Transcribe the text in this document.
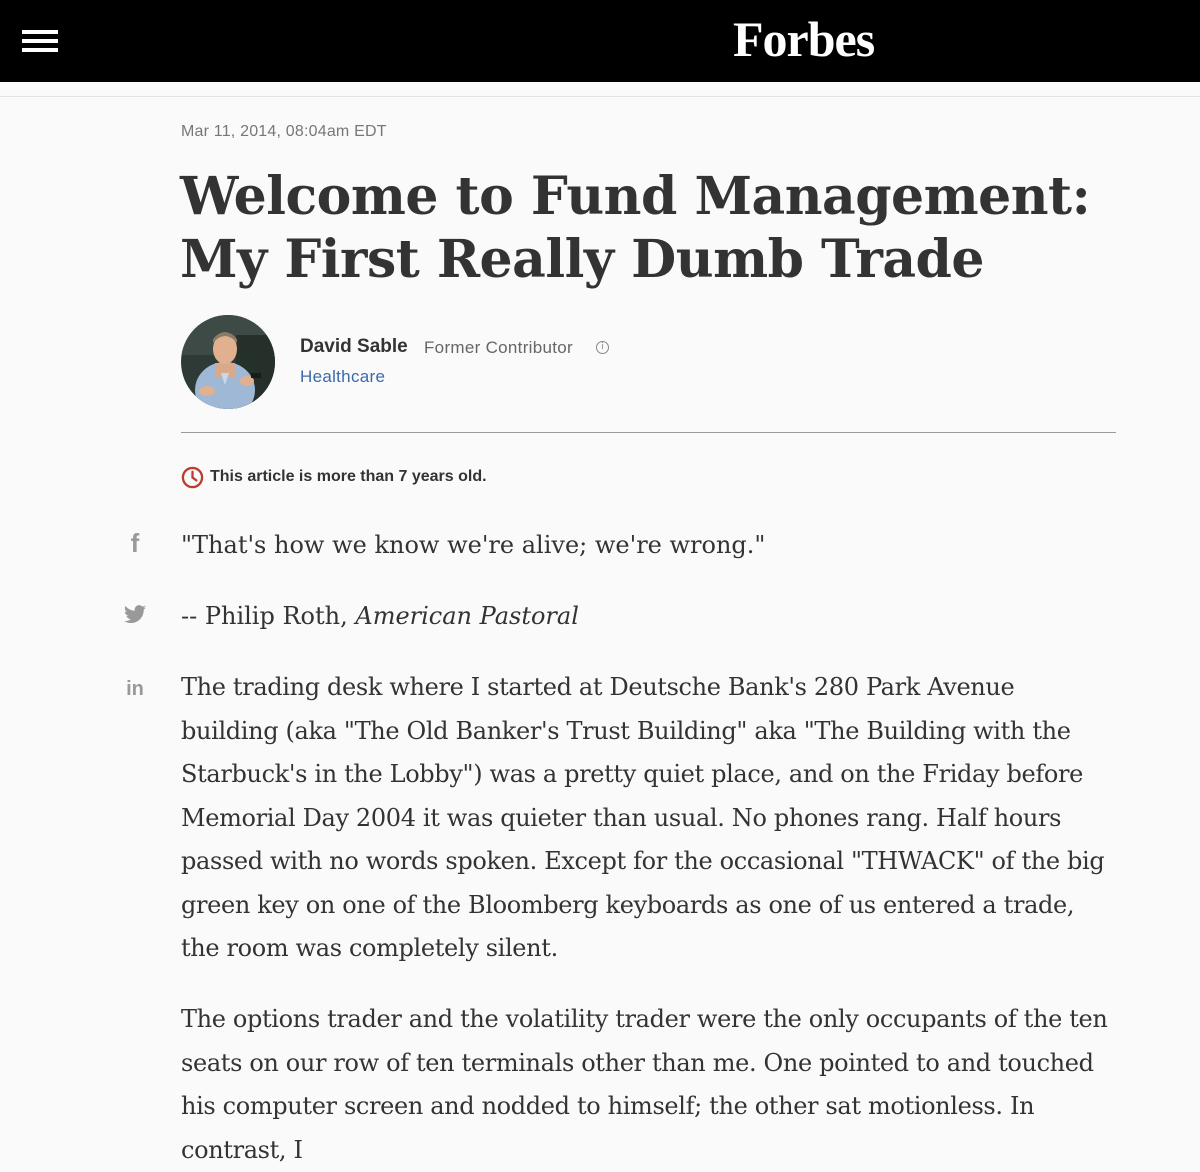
Forbes
Mar 11, 2014, 08:04am EDT
Welcome to Fund Management: My First Really Dumb Trade
David Sable Former Contributor	i
Healthcare
This article is more than 7 years old.
f
in

"That's how we know we're alive; we're wrong."

-- Philip Roth, American Pastoral

The trading desk where I started at Deutsche Bank's 280 Park Avenue building (aka "The Old Banker's Trust Building" aka "The Building with the Starbuck's in the Lobby") was a pretty quiet place, and on the Friday before Memorial Day 2004 it was quieter than usual. No phones rang. Half hours passed with no words spoken. Except for the occasional "THWACK" of the big green key on one of the Bloomberg keyboards as one of us entered a trade, the room was completely silent.

The options trader and the volatility trader were the only occupants of the ten seats on our row of ten terminals other than me. One pointed to and touched his computer screen and nodded to himself; the other sat motionless. In contrast, I
